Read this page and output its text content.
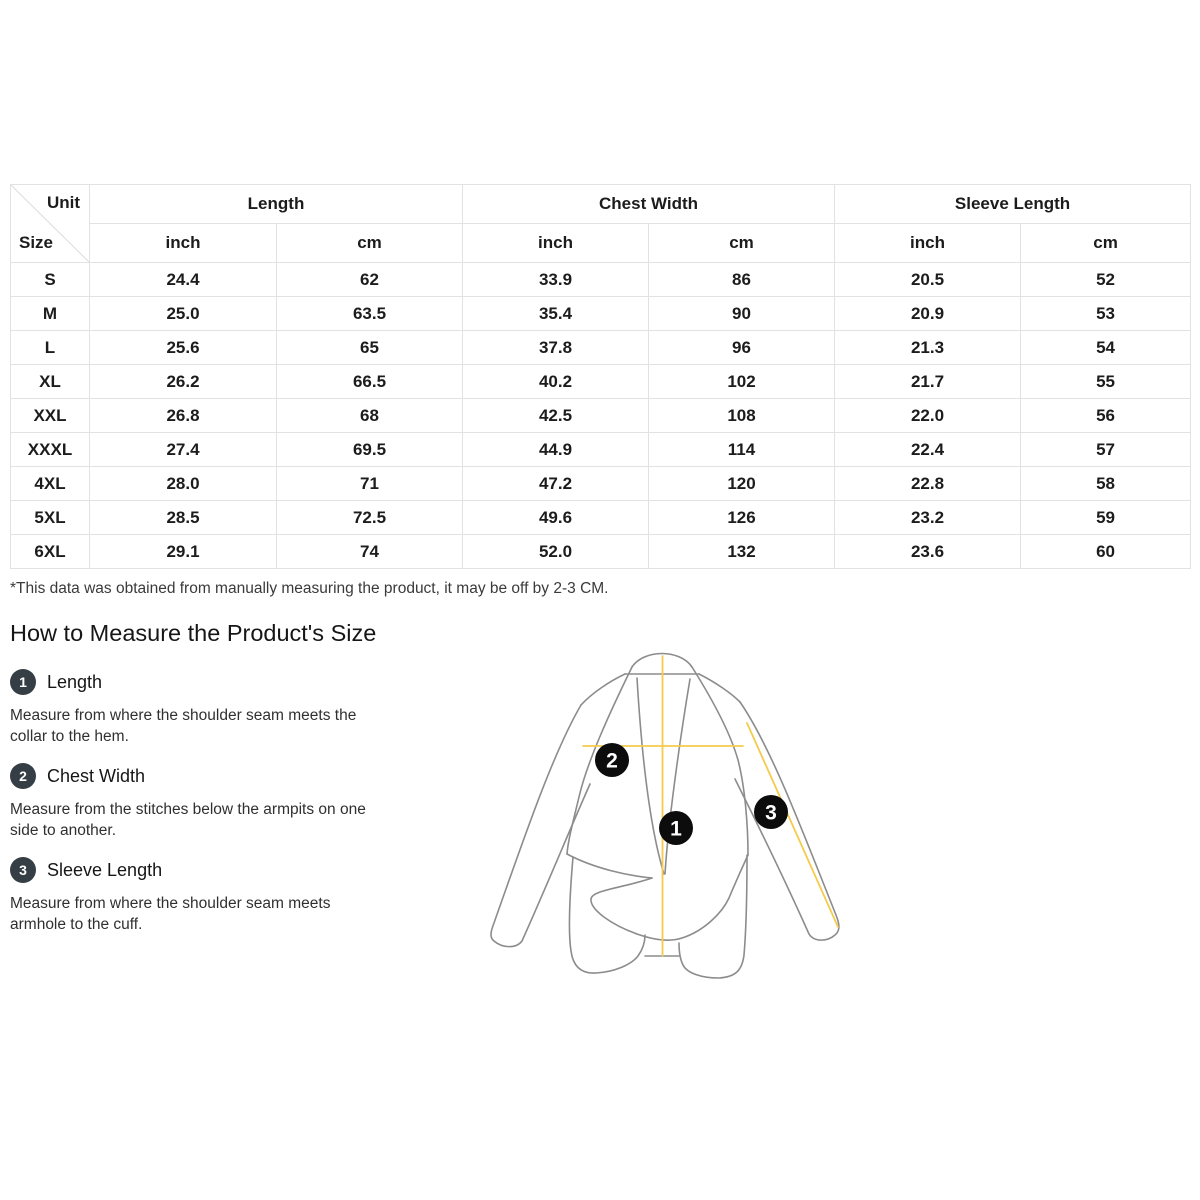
Unit
Size	Length		Chest Width		Sleeve Length	
	inch	cm	inch	cm	inch	cm
S	24.4	62	33.9	86	20.5	52
M	25.0	63.5	35.4	90	20.9	53
L	25.6	65	37.8	96	21.3	54
XL	26.2	66.5	40.2	102	21.7	55
XXL	26.8	68	42.5	108	22.0	56
XXXL	27.4	69.5	44.9	114	22.4	57
4XL	28.0	71	47.2	120	22.8	58
5XL	28.5	72.5	49.6	126	23.2	59
6XL	29.1	74	52.0	132	23.6	60
*This data was obtained from manually measuring the product, it may be off by 2-3 CM.
How to Measure the Product's Size
1	Length
Measure from where the shoulder seam meets the
collar to the hem.
2	Chest Width
Measure from the stitches below the armpits on one
side to another.
3	Sleeve Length
Measure from where the shoulder seam meets
armhole to the cuff.
1
2
3
